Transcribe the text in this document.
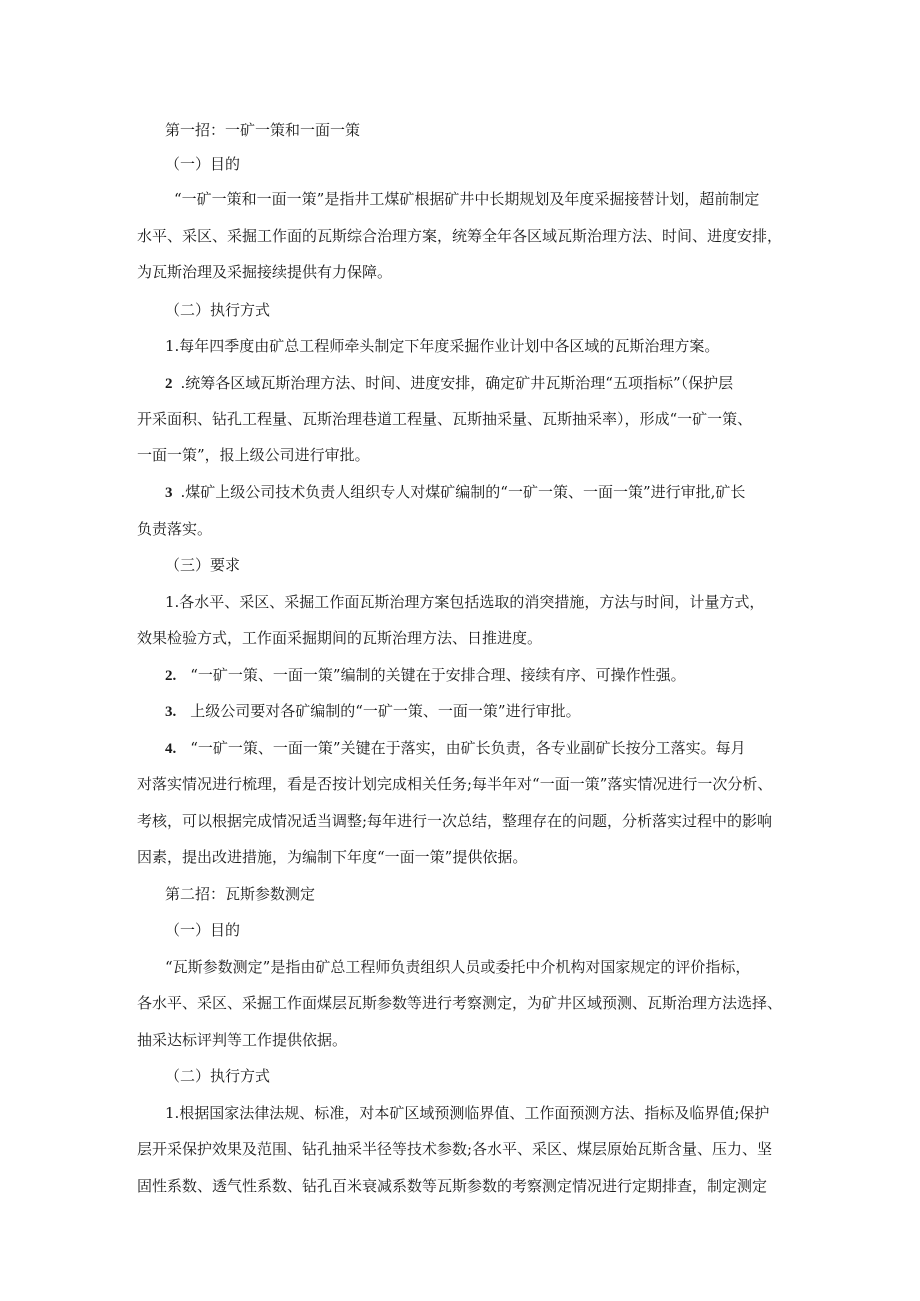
第一招：一矿一策和一面一策
（一）目的
“一矿一策和一面一策”是指井工煤矿根据矿井中长期规划及年度采掘接替计划，超前制定
水平、采区、采掘工作面的瓦斯综合治理方案，统筹全年各区域瓦斯治理方法、时间、进度安排，
为瓦斯治理及采掘接续提供有力保障。
（二）执行方式
1.每年四季度由矿总工程师牵头制定下年度采掘作业计划中各区域的瓦斯治理方案。
2 .统筹各区域瓦斯治理方法、时间、进度安排，确定矿井瓦斯治理“五项指标”（保护层
开采面积、钻孔工程量、瓦斯治理巷道工程量、瓦斯抽采量、瓦斯抽采率），形成“一矿一策、
一面一策”，报上级公司进行审批。
3 .煤矿上级公司技术负责人组织专人对煤矿编制的“一矿一策、一面一策”进行审批,矿长
负责落实。
（三）要求
1.各水平、采区、采掘工作面瓦斯治理方案包括选取的消突措施，方法与时间，计量方式，
效果检验方式，工作面采掘期间的瓦斯治理方法、日推进度。
2. “一矿一策、一面一策”编制的关键在于安排合理、接续有序、可操作性强。
3. 上级公司要对各矿编制的“一矿一策、一面一策”进行审批。
4. “一矿一策、一面一策”关键在于落实，由矿长负责，各专业副矿长按分工落实。每月
对落实情况进行梳理，看是否按计划完成相关任务;每半年对“一面一策”落实情况进行一次分析、
考核，可以根据完成情况适当调整;每年进行一次总结，整理存在的问题，分析落实过程中的影响
因素，提出改进措施，为编制下年度“一面一策”提供依据。
第二招：瓦斯参数测定
（一）目的
“瓦斯参数测定”是指由矿总工程师负责组织人员或委托中介机构对国家规定的评价指标，
各水平、采区、采掘工作面煤层瓦斯参数等进行考察测定，为矿井区域预测、瓦斯治理方法选择、
抽采达标评判等工作提供依据。
（二）执行方式
1.根据国家法律法规、标准，对本矿区域预测临界值、工作面预测方法、指标及临界值;保护
层开采保护效果及范围、钻孔抽采半径等技术参数;各水平、采区、煤层原始瓦斯含量、压力、坚
固性系数、透气性系数、钻孔百米衰减系数等瓦斯参数的考察测定情况进行定期排查，制定测定
